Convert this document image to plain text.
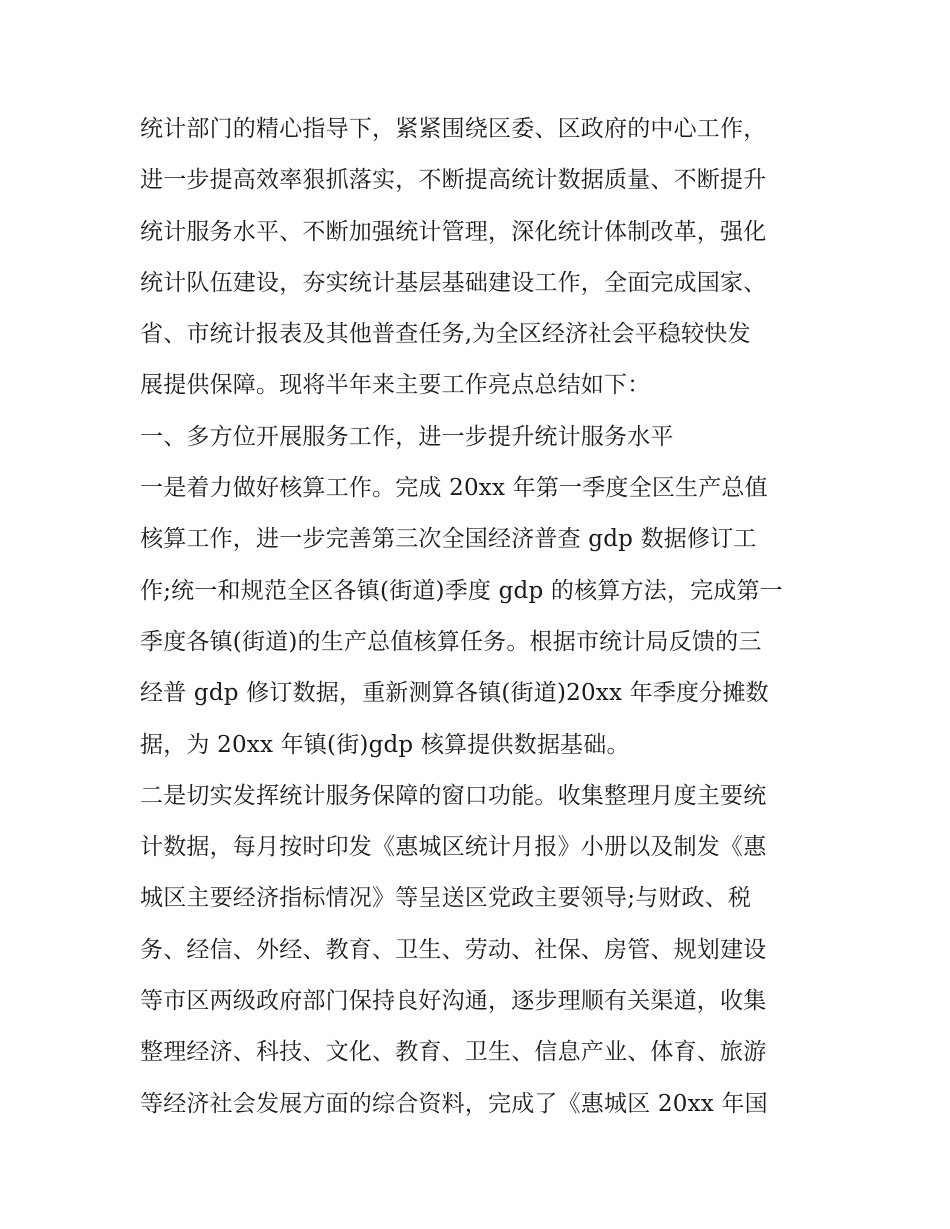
统计部门的精心指导下，紧紧围绕区委、区政府的中心工作，
进一步提高效率狠抓落实，不断提高统计数据质量、不断提升
统计服务水平、不断加强统计管理，深化统计体制改革，强化
统计队伍建设，夯实统计基层基础建设工作，全面完成国家、
省、市统计报表及其他普查任务,为全区经济社会平稳较快发
展提供保障。现将半年来主要工作亮点总结如下：
一、多方位开展服务工作，进一步提升统计服务水平
一是着力做好核算工作。完成 20xx 年第一季度全区生产总值
核算工作，进一步完善第三次全国经济普查 gdp 数据修订工
作;统一和规范全区各镇(街道)季度 gdp 的核算方法，完成第一
季度各镇(街道)的生产总值核算任务。根据市统计局反馈的三
经普 gdp 修订数据，重新测算各镇(街道)20xx 年季度分摊数
据，为 20xx 年镇(街)gdp 核算提供数据基础。
二是切实发挥统计服务保障的窗口功能。收集整理月度主要统
计数据，每月按时印发《惠城区统计月报》小册以及制发《惠
城区主要经济指标情况》等呈送区党政主要领导;与财政、税
务、经信、外经、教育、卫生、劳动、社保、房管、规划建设
等市区两级政府部门保持良好沟通，逐步理顺有关渠道，收集
整理经济、科技、文化、教育、卫生、信息产业、体育、旅游
等经济社会发展方面的综合资料，完成了《惠城区 20xx 年国
